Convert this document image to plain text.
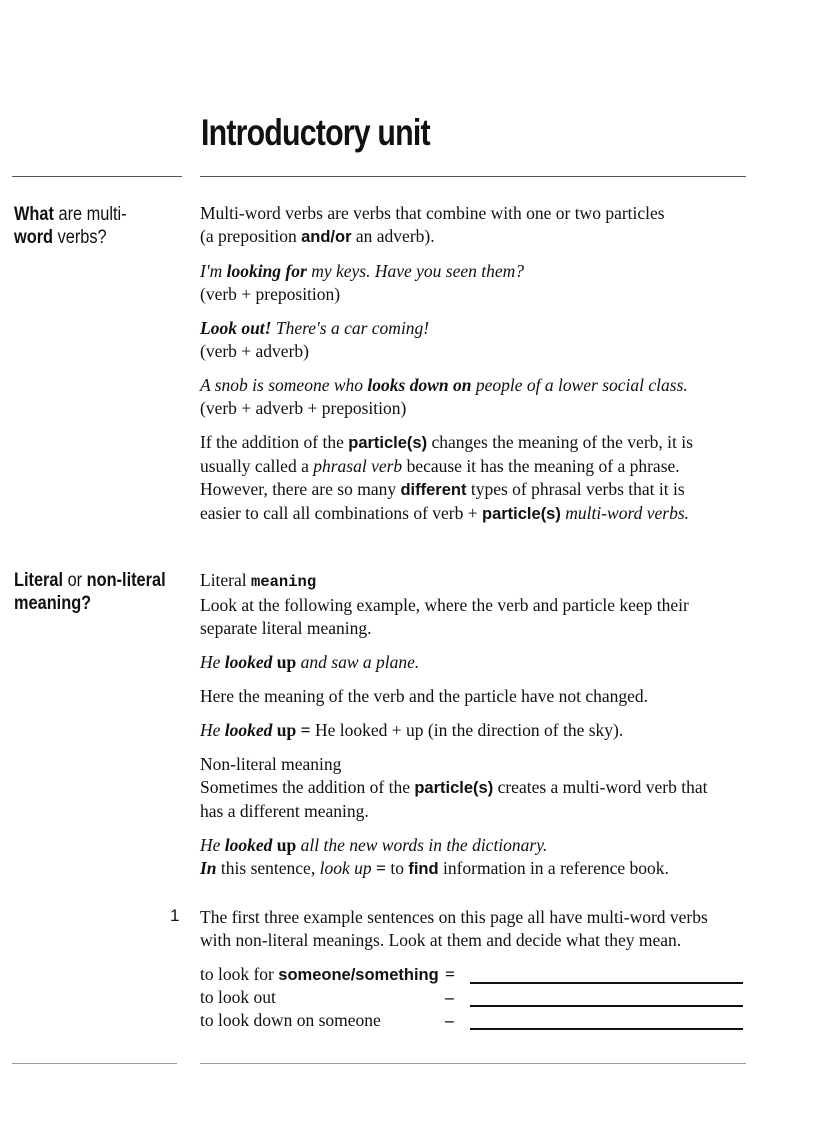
Introductory unit
What are multi-
word verbs?

Multi-word verbs are verbs that combine with one or two particles
(a preposition and/or an adverb).

I'm looking for my keys. Have you seen them?
(verb + preposition)

Look out! There's a car coming!
(verb + adverb)

A snob is someone who looks down on people of a lower social class.
(verb + adverb + preposition)

If the addition of the particle(s) changes the meaning of the verb, it is
usually called a phrasal verb because it has the meaning of a phrase.
However, there are so many different types of phrasal verbs that it is
easier to call all combinations of verb + particle(s) multi-word verbs.

Literal or non-literal
meaning?

Literal meaning
Look at the following example, where the verb and particle keep their
separate literal meaning.

He looked up and saw a plane.

Here the meaning of the verb and the particle have not changed.

He looked up = He looked + up (in the direction of the sky).

Non-literal meaning
Sometimes the addition of the particle(s) creates a multi-word verb that
has a different meaning.

He looked up all the new words in the dictionary.
In this sentence, look up = to find information in a reference book.

1 The first three example sentences on this page all have multi-word verbs
with non-literal meanings. Look at them and decide what they mean.

to look for someone/something =
to look out	–
to look down on someone	–
